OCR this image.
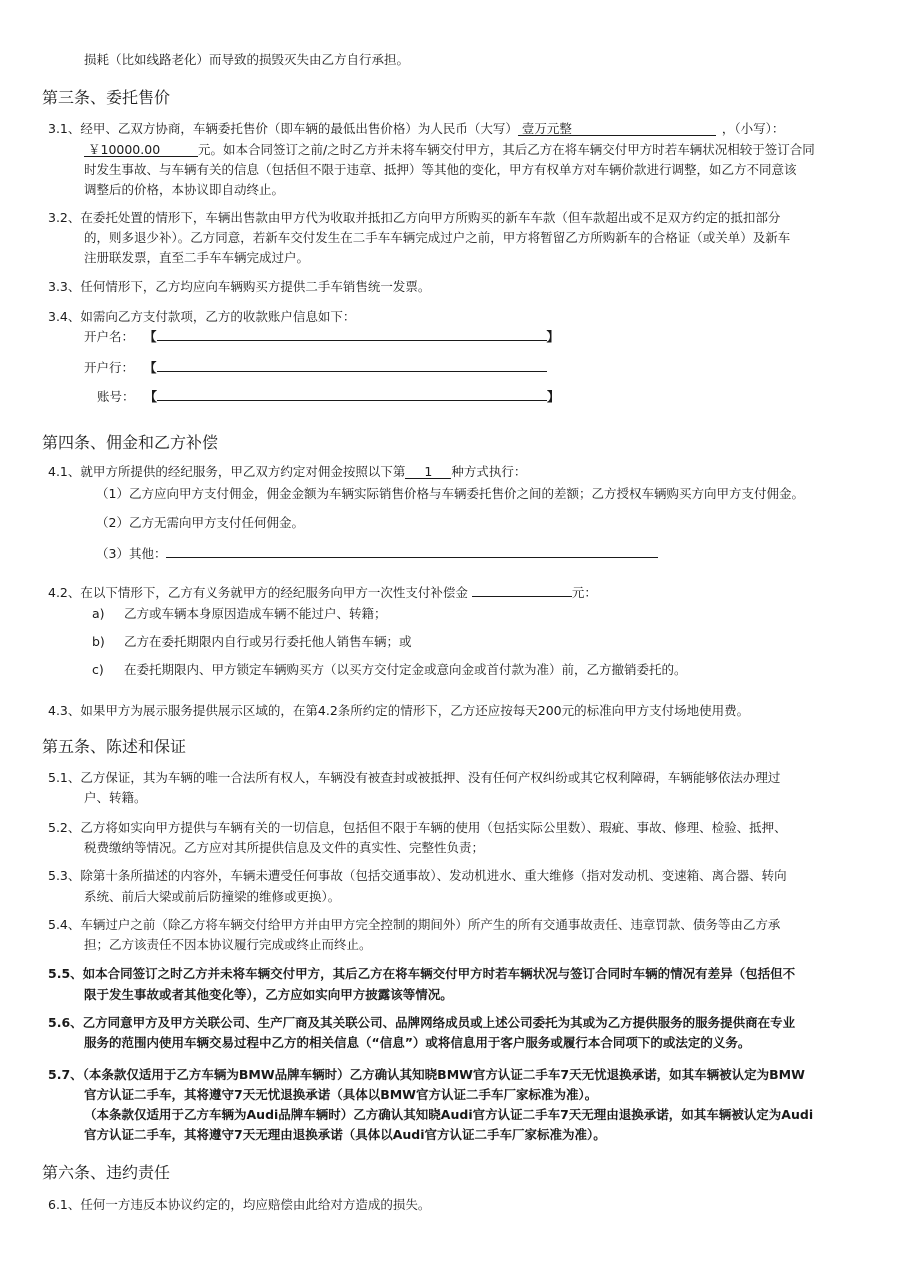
损耗（比如线路老化）而导致的损毁灭失由乙方自行承担。
第三条、委托售价
3.1、经甲、乙双方协商，车辆委托售价（即车辆的最低出售价格）为人民币（大写） 壹万元整	，（小写）：
￥10000.00	元。如本合同签订之前/之时乙方并未将车辆交付甲方，其后乙方在将车辆交付甲方时若车辆状况相较于签订合同
时发生事故、与车辆有关的信息（包括但不限于违章、抵押）等其他的变化，甲方有权单方对车辆价款进行调整，如乙方不同意该
调整后的价格，本协议即自动终止。
3.2、在委托处置的情形下，车辆出售款由甲方代为收取并抵扣乙方向甲方所购买的新车车款（但车款超出或不足双方约定的抵扣部分
的，则多退少补）。乙方同意，若新车交付发生在二手车车辆完成过户之前，甲方将暂留乙方所购新车的合格证（或关单）及新车
注册联发票，直至二手车车辆完成过户。
3.3、任何情形下，乙方均应向车辆购买方提供二手车销售统一发票。
3.4、如需向乙方支付款项，乙方的收款账户信息如下：
开户名： 【	】
开户行： 【
账号： 【	】
第四条、佣金和乙方补偿
4.1、就甲方所提供的经纪服务，甲乙双方约定对佣金按照以下第 1 种方式执行：
（1）乙方应向甲方支付佣金，佣金金额为车辆实际销售价格与车辆委托售价之间的差额；乙方授权车辆购买方向甲方支付佣金。
（2）乙方无需向甲方支付任何佣金。
（3）其他：
4.2、在以下情形下，乙方有义务就甲方的经纪服务向甲方一次性支付补偿金	元：
a) 乙方或车辆本身原因造成车辆不能过户、转籍；
b) 乙方在委托期限内自行或另行委托他人销售车辆；或
c) 在委托期限内、甲方锁定车辆购买方（以买方交付定金或意向金或首付款为准）前，乙方撤销委托的。
4.3、如果甲方为展示服务提供展示区域的，在第4.2条所约定的情形下，乙方还应按每天200元的标准向甲方支付场地使用费。
第五条、陈述和保证
5.1、乙方保证，其为车辆的唯一合法所有权人，车辆没有被查封或被抵押、没有任何产权纠纷或其它权利障碍，车辆能够依法办理过
户、转籍。
5.2、乙方将如实向甲方提供与车辆有关的一切信息，包括但不限于车辆的使用（包括实际公里数）、瑕疵、事故、修理、检验、抵押、
税费缴纳等情况。乙方应对其所提供信息及文件的真实性、完整性负责；
5.3、除第十条所描述的内容外，车辆未遭受任何事故（包括交通事故）、发动机进水、重大维修（指对发动机、变速箱、离合器、转向
系统、前后大梁或前后防撞梁的维修或更换）。
5.4、车辆过户之前（除乙方将车辆交付给甲方并由甲方完全控制的期间外）所产生的所有交通事故责任、违章罚款、债务等由乙方承
担；乙方该责任不因本协议履行完成或终止而终止。
5.5、如本合同签订之时乙方并未将车辆交付甲方，其后乙方在将车辆交付甲方时若车辆状况与签订合同时车辆的情况有差异（包括但不
限于发生事故或者其他变化等），乙方应如实向甲方披露该等情况。
5.6、乙方同意甲方及甲方关联公司、生产厂商及其关联公司、品牌网络成员或上述公司委托为其或为乙方提供服务的服务提供商在专业
服务的范围内使用车辆交易过程中乙方的相关信息（“信息”）或将信息用于客户服务或履行本合同项下的或法定的义务。
5.7、（本条款仅适用于乙方车辆为BMW品牌车辆时）乙方确认其知晓BMW官方认证二手车7天无忧退换承诺，如其车辆被认定为BMW
官方认证二手车，其将遵守7天无忧退换承诺（具体以BMW官方认证二手车厂家标准为准）。
（本条款仅适用于乙方车辆为Audi品牌车辆时）乙方确认其知晓Audi官方认证二手车7天无理由退换承诺，如其车辆被认定为Audi
官方认证二手车，其将遵守7天无理由退换承诺（具体以Audi官方认证二手车厂家标准为准）。
第六条、违约责任
6.1、任何一方违反本协议约定的，均应赔偿由此给对方造成的损失。
